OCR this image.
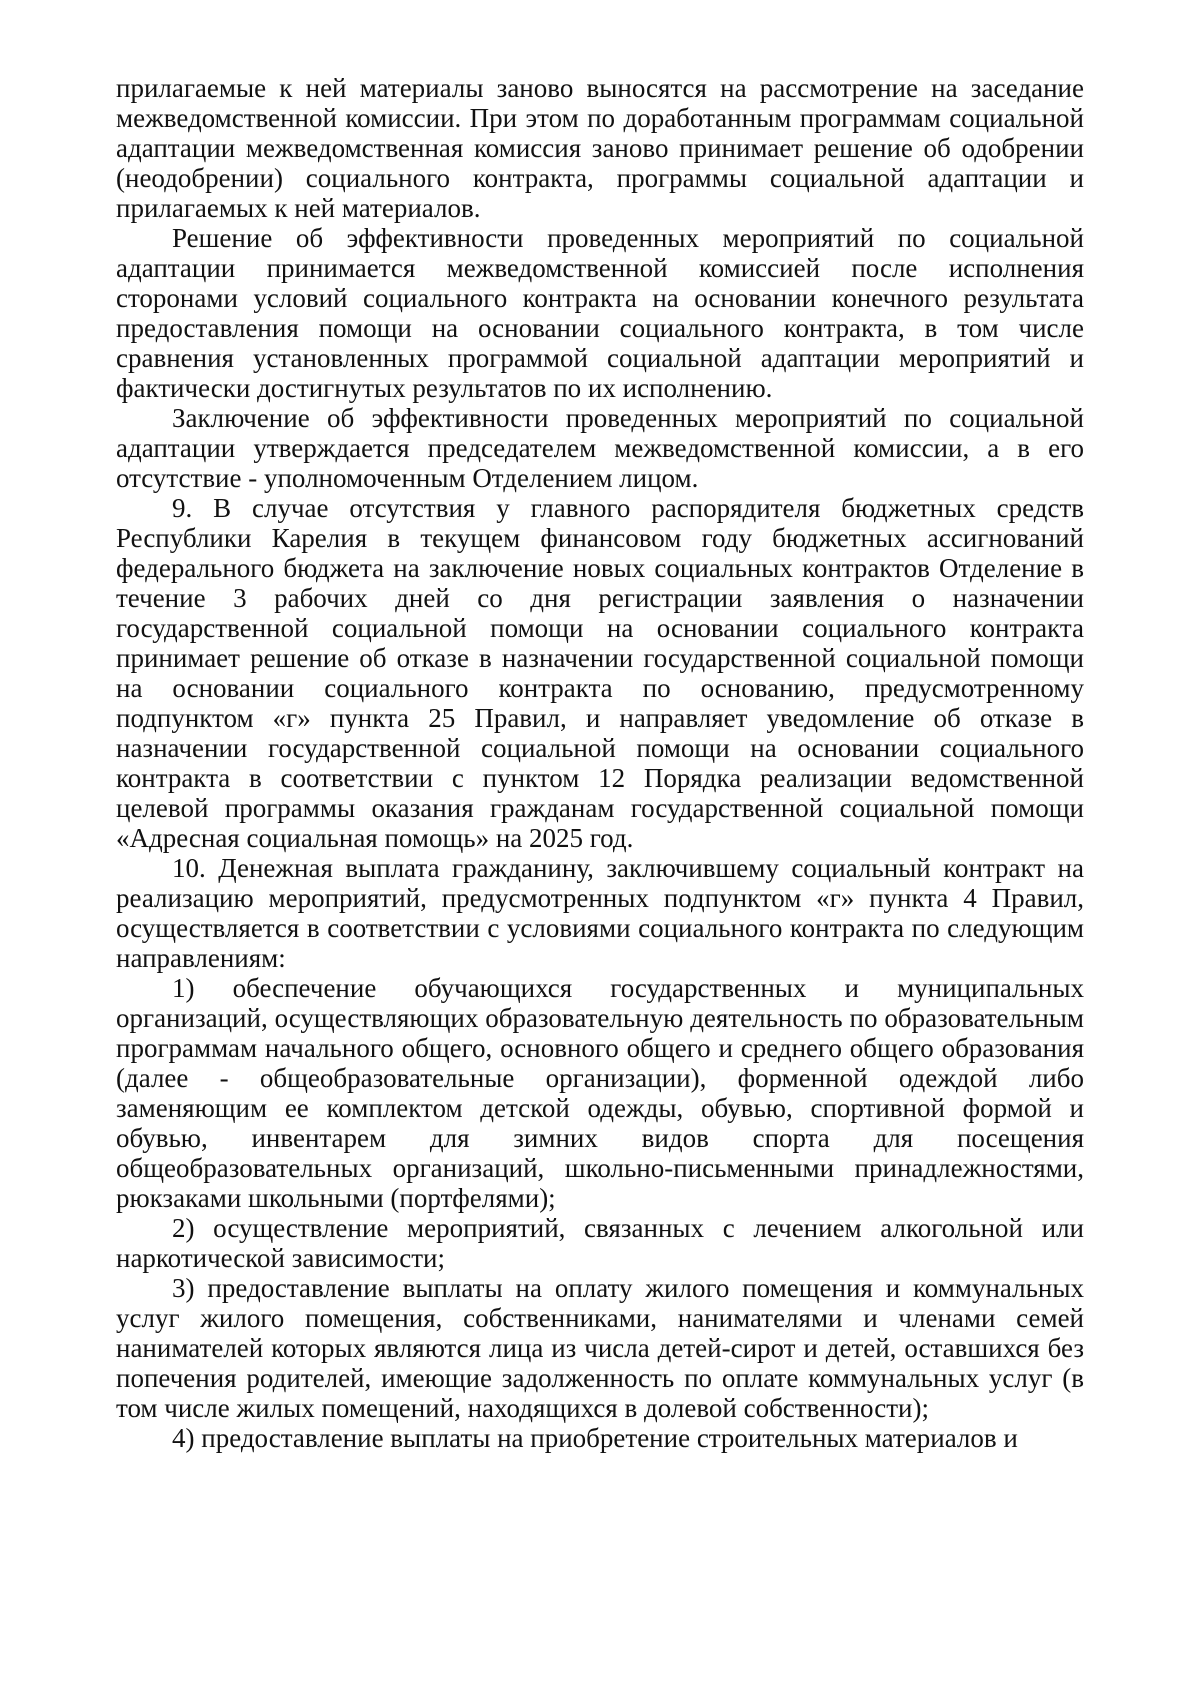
прилагаемые к ней материалы заново выносятся на рассмотрение на заседание межведомственной комиссии. При этом по доработанным программам социальной адаптации межведомственная комиссия заново принимает решение об одобрении (неодобрении) социального контракта, программы социальной адаптации и прилагаемых к ней материалов.

Решение об эффективности проведенных мероприятий по социальной адаптации принимается межведомственной комиссией после исполнения сторонами условий социального контракта на основании конечного результата предоставления помощи на основании социального контракта, в том числе сравнения установленных программой социальной адаптации мероприятий и фактически достигнутых результатов по их исполнению.

Заключение об эффективности проведенных мероприятий по социальной адаптации утверждается председателем межведомственной комиссии, а в его отсутствие - уполномоченным Отделением лицом.

9. В случае отсутствия у главного распорядителя бюджетных средств Республики Карелия в текущем финансовом году бюджетных ассигнований федерального бюджета на заключение новых социальных контрактов Отделение в течение 3 рабочих дней со дня регистрации заявления о назначении государственной социальной помощи на основании социального контракта принимает решение об отказе в назначении государственной социальной помощи на основании социального контракта по основанию, предусмотренному подпунктом «г» пункта 25 Правил, и направляет уведомление об отказе в назначении государственной социальной помощи на основании социального контракта в соответствии с пунктом 12 Порядка реализации ведомственной целевой программы оказания гражданам государственной социальной помощи «Адресная социальная помощь» на 2025 год.

10. Денежная выплата гражданину, заключившему социальный контракт на реализацию мероприятий, предусмотренных подпунктом «г» пункта 4 Правил, осуществляется в соответствии с условиями социального контракта по следующим направлениям:

1) обеспечение обучающихся государственных и муниципальных организаций, осуществляющих образовательную деятельность по образовательным программам начального общего, основного общего и среднего общего образования (далее - общеобразовательные организации), форменной одеждой либо заменяющим ее комплектом детской одежды, обувью, спортивной формой и обувью, инвентарем для зимних видов спорта для посещения общеобразовательных организаций, школьно-письменными принадлежностями, рюкзаками школьными (портфелями);

2) осуществление мероприятий, связанных с лечением алкогольной или наркотической зависимости;

3) предоставление выплаты на оплату жилого помещения и коммунальных услуг жилого помещения, собственниками, нанимателями и членами семей нанимателей которых являются лица из числа детей-сирот и детей, оставшихся без попечения родителей, имеющие задолженность по оплате коммунальных услуг (в том числе жилых помещений, находящихся в долевой собственности);

4) предоставление выплаты на приобретение строительных материалов и
